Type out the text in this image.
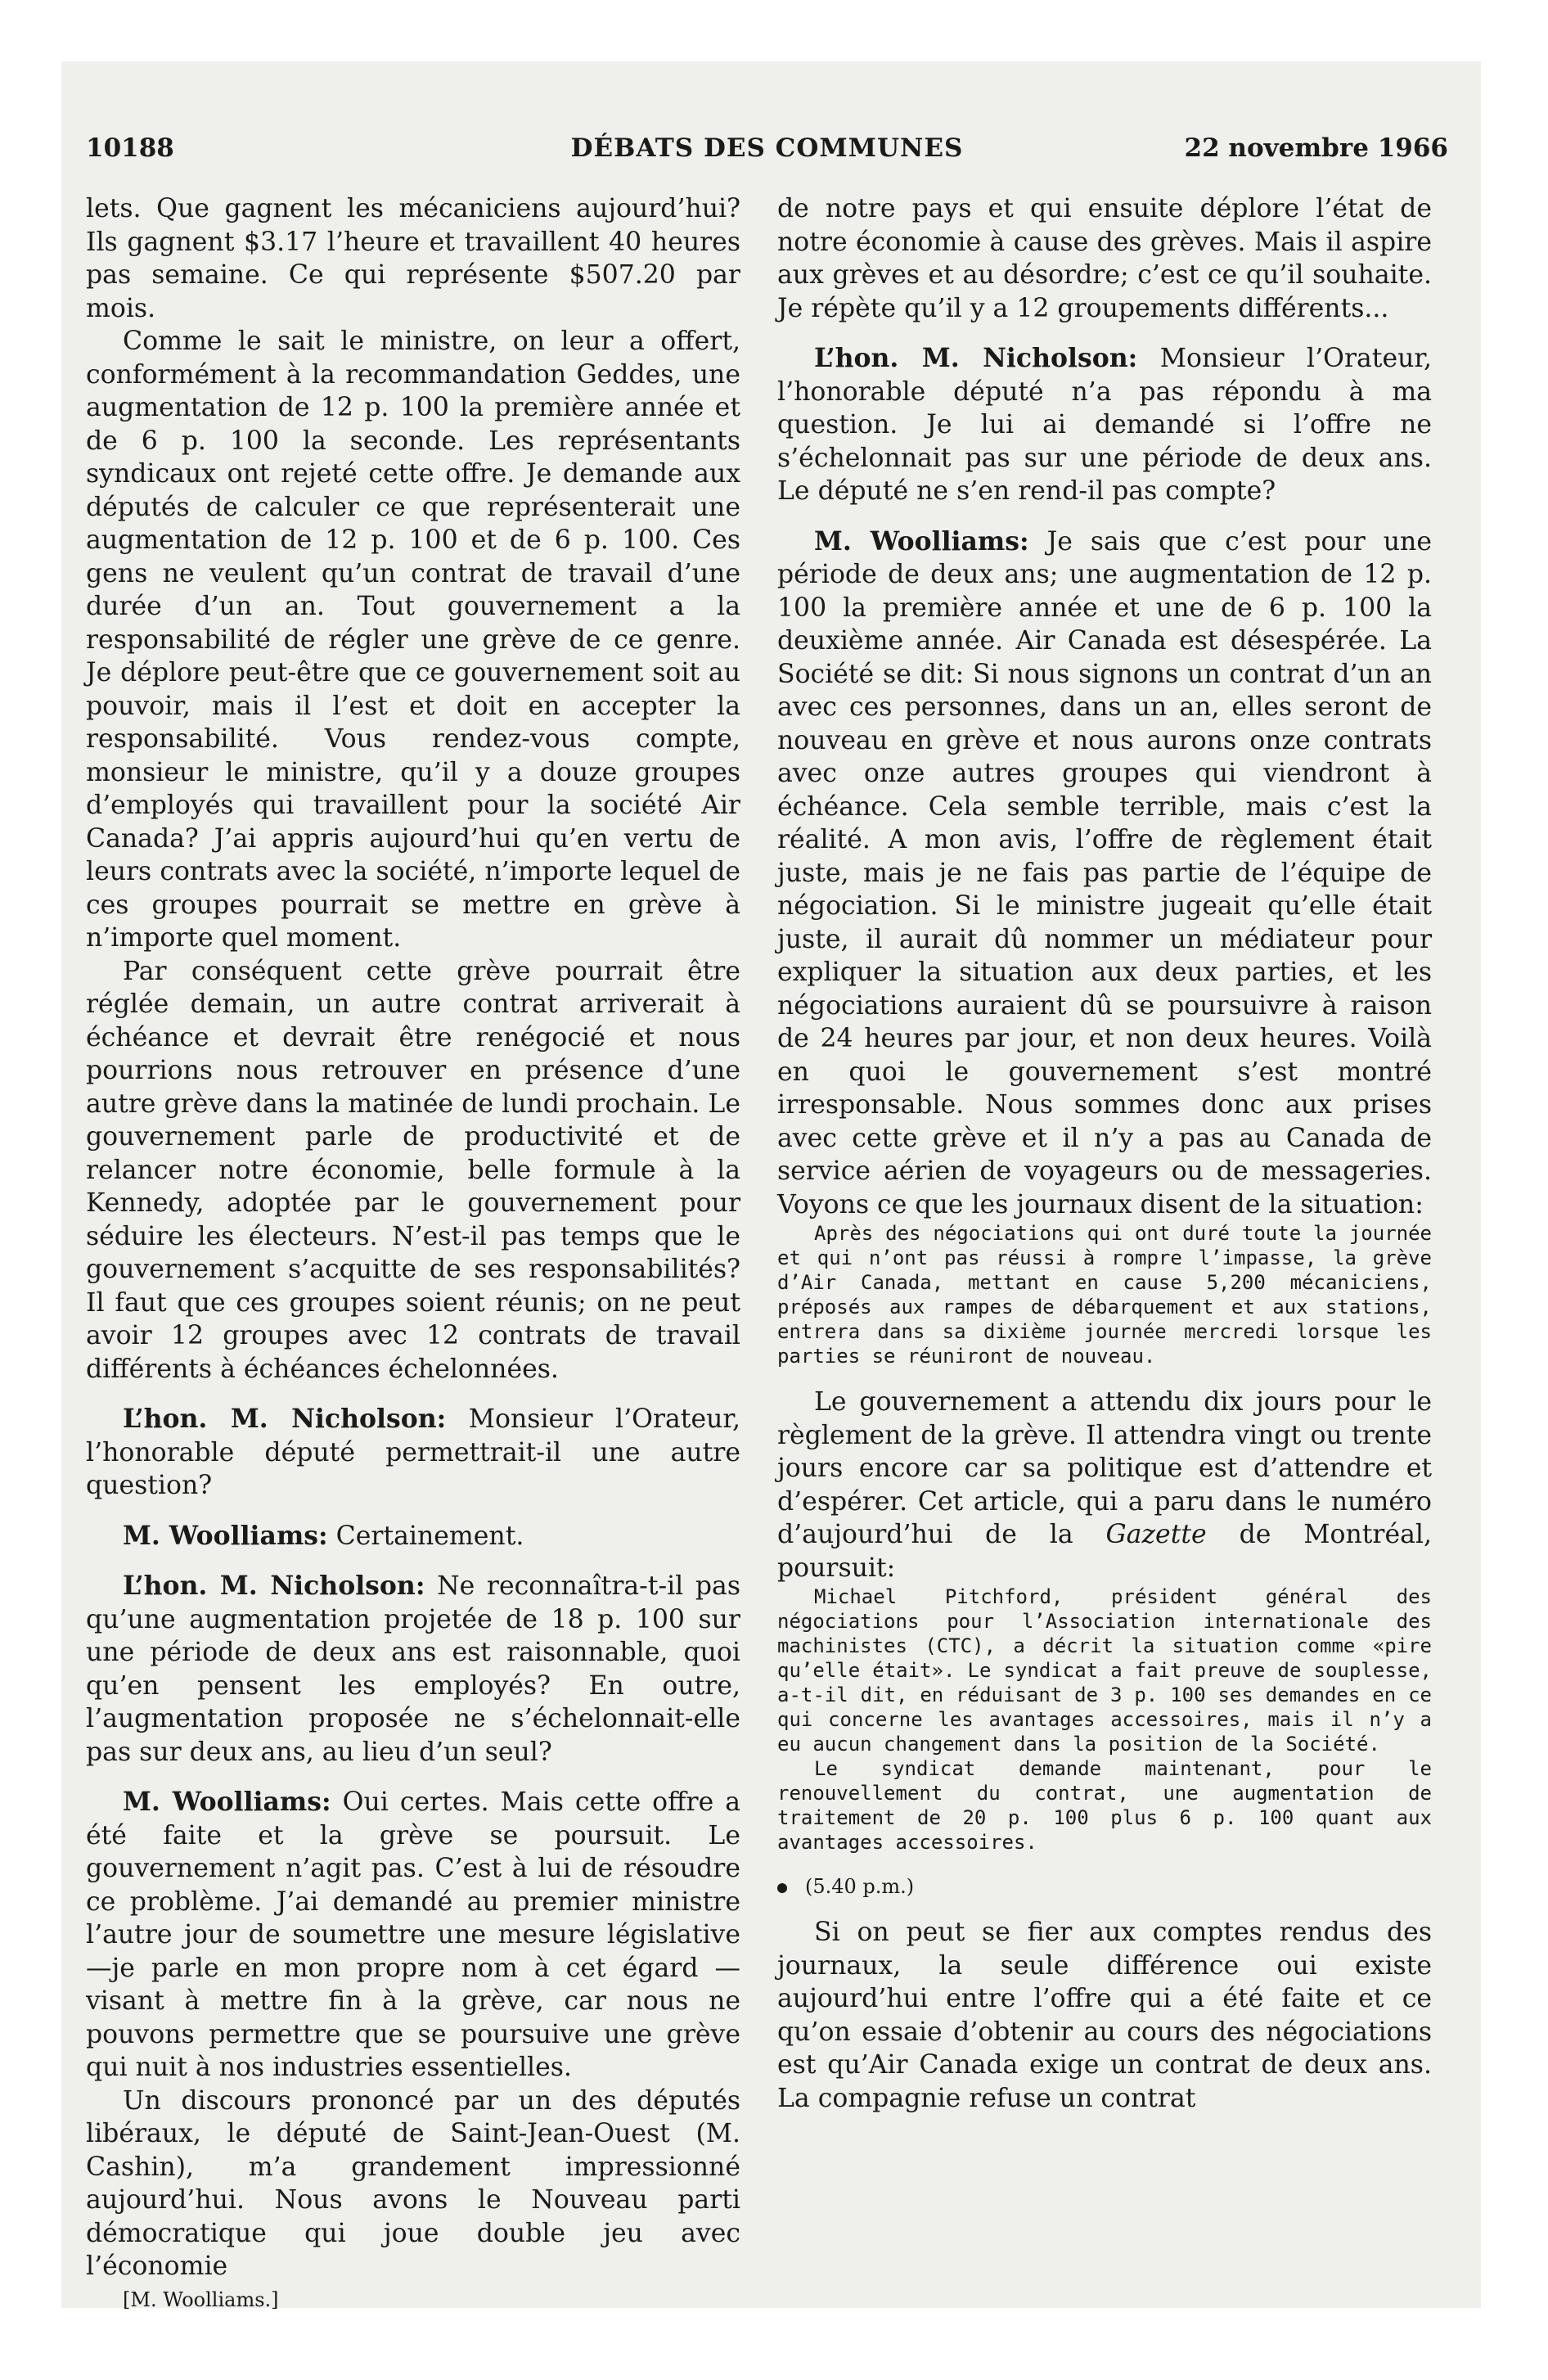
10188	DÉBATS DES COMMUNES	22 novembre 1966

lets. Que gagnent les mécaniciens aujourd’hui? Ils gagnent $3.17 l’heure et travaillent 40 heures pas semaine. Ce qui représente $507.20 par mois.

Comme le sait le ministre, on leur a offert, conformément à la recommandation Geddes, une augmentation de 12 p. 100 la première année et de 6 p. 100 la seconde. Les représentants syndicaux ont rejeté cette offre. Je demande aux députés de calculer ce que représenterait une augmentation de 12 p. 100 et de 6 p. 100. Ces gens ne veulent qu’un contrat de travail d’une durée d’un an. Tout gouvernement a la responsabilité de régler une grève de ce genre. Je déplore peut-être que ce gouvernement soit au pouvoir, mais il l’est et doit en accepter la responsabilité. Vous rendez-vous compte, monsieur le ministre, qu’il y a douze groupes d’employés qui travaillent pour la société Air Canada? J’ai appris aujourd’hui qu’en vertu de leurs contrats avec la société, n’importe lequel de ces groupes pourrait se mettre en grève à n’importe quel moment.

Par conséquent cette grève pourrait être réglée demain, un autre contrat arriverait à échéance et devrait être renégocié et nous pourrions nous retrouver en présence d’une autre grève dans la matinée de lundi prochain. Le gouvernement parle de productivité et de relancer notre économie, belle formule à la Kennedy, adoptée par le gouvernement pour séduire les électeurs. N’est-il pas temps que le gouvernement s’acquitte de ses responsabilités? Il faut que ces groupes soient réunis; on ne peut avoir 12 groupes avec 12 contrats de travail différents à échéances échelonnées.

L’hon. M. Nicholson: Monsieur l’Orateur, l’honorable député permettrait-il une autre question?

M. Woolliams: Certainement.

L’hon. M. Nicholson: Ne reconnaîtra-t-il pas qu’une augmentation projetée de 18 p. 100 sur une période de deux ans est raisonnable, quoi qu’en pensent les employés? En outre, l’augmentation proposée ne s’échelonnait-elle pas sur deux ans, au lieu d’un seul?

M. Woolliams: Oui certes. Mais cette offre a été faite et la grève se poursuit. Le gouvernement n’agit pas. C’est à lui de résoudre ce problème. J’ai demandé au premier ministre l’autre jour de soumettre une mesure législative—je parle en mon propre nom à cet égard —visant à mettre fin à la grève, car nous ne pouvons permettre que se poursuive une grève qui nuit à nos industries essentielles.

Un discours prononcé par un des députés libéraux, le député de Saint-Jean-Ouest (M. Cashin), m’a grandement impressionné aujourd’hui. Nous avons le Nouveau parti démocratique qui joue double jeu avec l’économie

[M. Woolliams.]

de notre pays et qui ensuite déplore l’état de notre économie à cause des grèves. Mais il aspire aux grèves et au désordre; c’est ce qu’il souhaite. Je répète qu’il y a 12 groupements différents...

L’hon. M. Nicholson: Monsieur l’Orateur, l’honorable député n’a pas répondu à ma question. Je lui ai demandé si l’offre ne s’échelonnait pas sur une période de deux ans. Le député ne s’en rend-il pas compte?

M. Woolliams: Je sais que c’est pour une période de deux ans; une augmentation de 12 p. 100 la première année et une de 6 p. 100 la deuxième année. Air Canada est désespérée. La Société se dit: Si nous signons un contrat d’un an avec ces personnes, dans un an, elles seront de nouveau en grève et nous aurons onze contrats avec onze autres groupes qui viendront à échéance. Cela semble terrible, mais c’est la réalité. A mon avis, l’offre de règlement était juste, mais je ne fais pas partie de l’équipe de négociation. Si le ministre jugeait qu’elle était juste, il aurait dû nommer un médiateur pour expliquer la situation aux deux parties, et les négociations auraient dû se poursuivre à raison de 24 heures par jour, et non deux heures. Voilà en quoi le gouvernement s’est montré irresponsable. Nous sommes donc aux prises avec cette grève et il n’y a pas au Canada de service aérien de voyageurs ou de messageries. Voyons ce que les journaux disent de la situation:

Après des négociations qui ont duré toute la journée et qui n’ont pas réussi à rompre l’impasse, la grève d’Air Canada, mettant en cause 5,200 mécaniciens, préposés aux rampes de débarquement et aux stations, entrera dans sa dixième journée mercredi lorsque les parties se réuniront de nouveau.

Le gouvernement a attendu dix jours pour le règlement de la grève. Il attendra vingt ou trente jours encore car sa politique est d’attendre et d’espérer. Cet article, qui a paru dans le numéro d’aujourd’hui de la Gazette de Montréal, poursuit:

Michael Pitchford, président général des négociations pour l’Association internationale des machinistes (CTC), a décrit la situation comme «pire qu’elle était». Le syndicat a fait preuve de souplesse, a-t-il dit, en réduisant de 3 p. 100 ses demandes en ce qui concerne les avantages accessoires, mais il n’y a eu aucun changement dans la position de la Société.

Le syndicat demande maintenant, pour le renouvellement du contrat, une augmentation de traitement de 20 p. 100 plus 6 p. 100 quant aux avantages accessoires.

(5.40 p.m.)

Si on peut se fier aux comptes rendus des journaux, la seule différence oui existe aujourd’hui entre l’offre qui a été faite et ce qu’on essaie d’obtenir au cours des négociations est qu’Air Canada exige un contrat de deux ans. La compagnie refuse un contrat
